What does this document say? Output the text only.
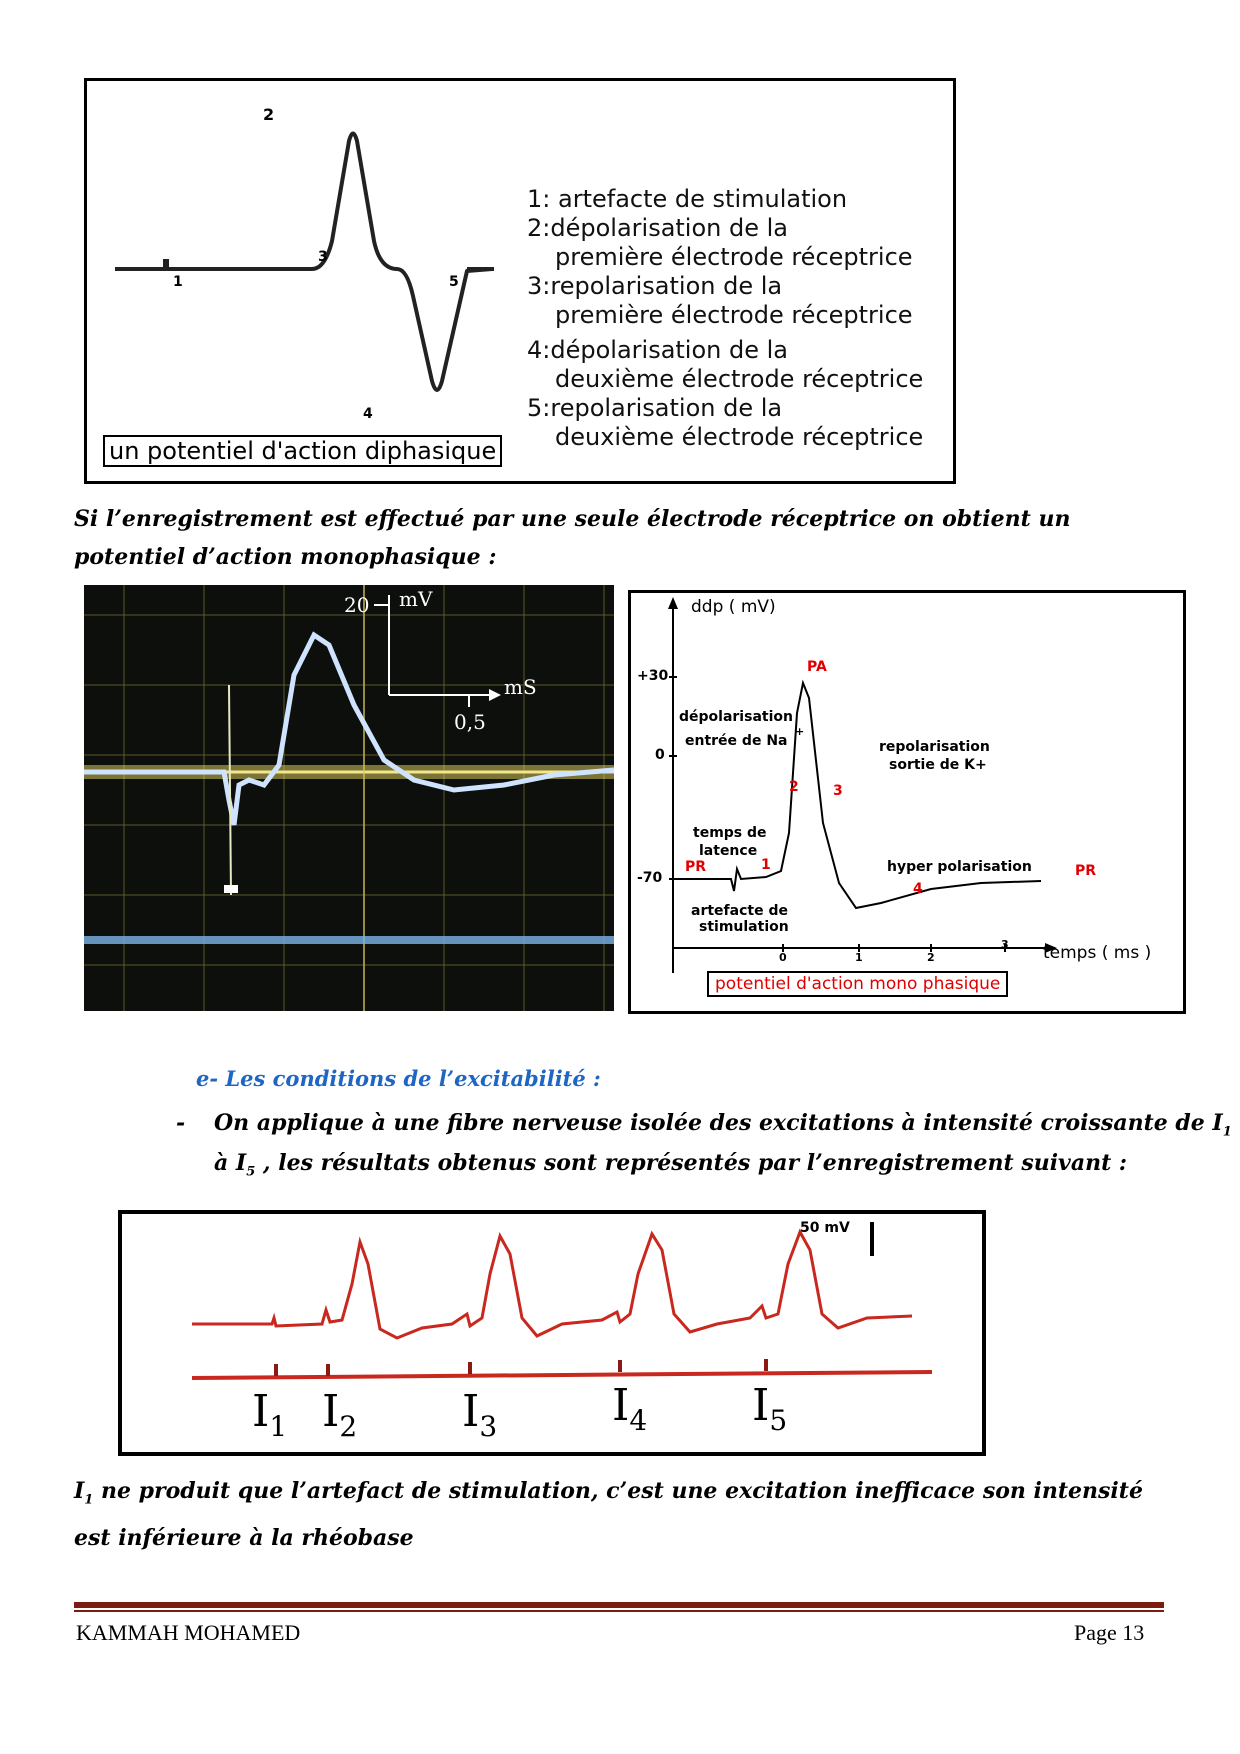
1
2
3
4
5
1: artefacte de stimulation
2:dépolarisation de la
première électrode réceptrice
3:repolarisation de la
première électrode réceptrice
4:dépolarisation de la
deuxième électrode réceptrice
5:repolarisation de la
deuxième électrode réceptrice
un potentiel d'action diphasique
Si l’enregistrement est effectué par une seule électrode réceptrice on obtient un potentiel d’action monophasique :
20 mV
mS
0,5
ddp ( mV)
temps ( ms )
+30
0
-70
0	1	2
3
PA
dépolarisation
entrée de Na
+
repolarisation
sortie de K+
2 3
temps de
latence
PR	1
artefacte de
stimulation
hyper polarisation
4
PR
potentiel d'action mono phasique
e- Les conditions de l’excitabilité :
- On applique à une fibre nerveuse isolée des excitations à intensité croissante de $I_1$
à $I_5$ , les résultats obtenus sont représentés par l’enregistrement suivant :
50 mV
$I_1$ $I_2$ $I_3$	$I_4$ $I_5$
$I_1$ ne produit que l’artefact de stimulation, c’est une excitation inefficace son intensité est inférieure à la rhéobase
KAMMAH MOHAMED	Page 13
